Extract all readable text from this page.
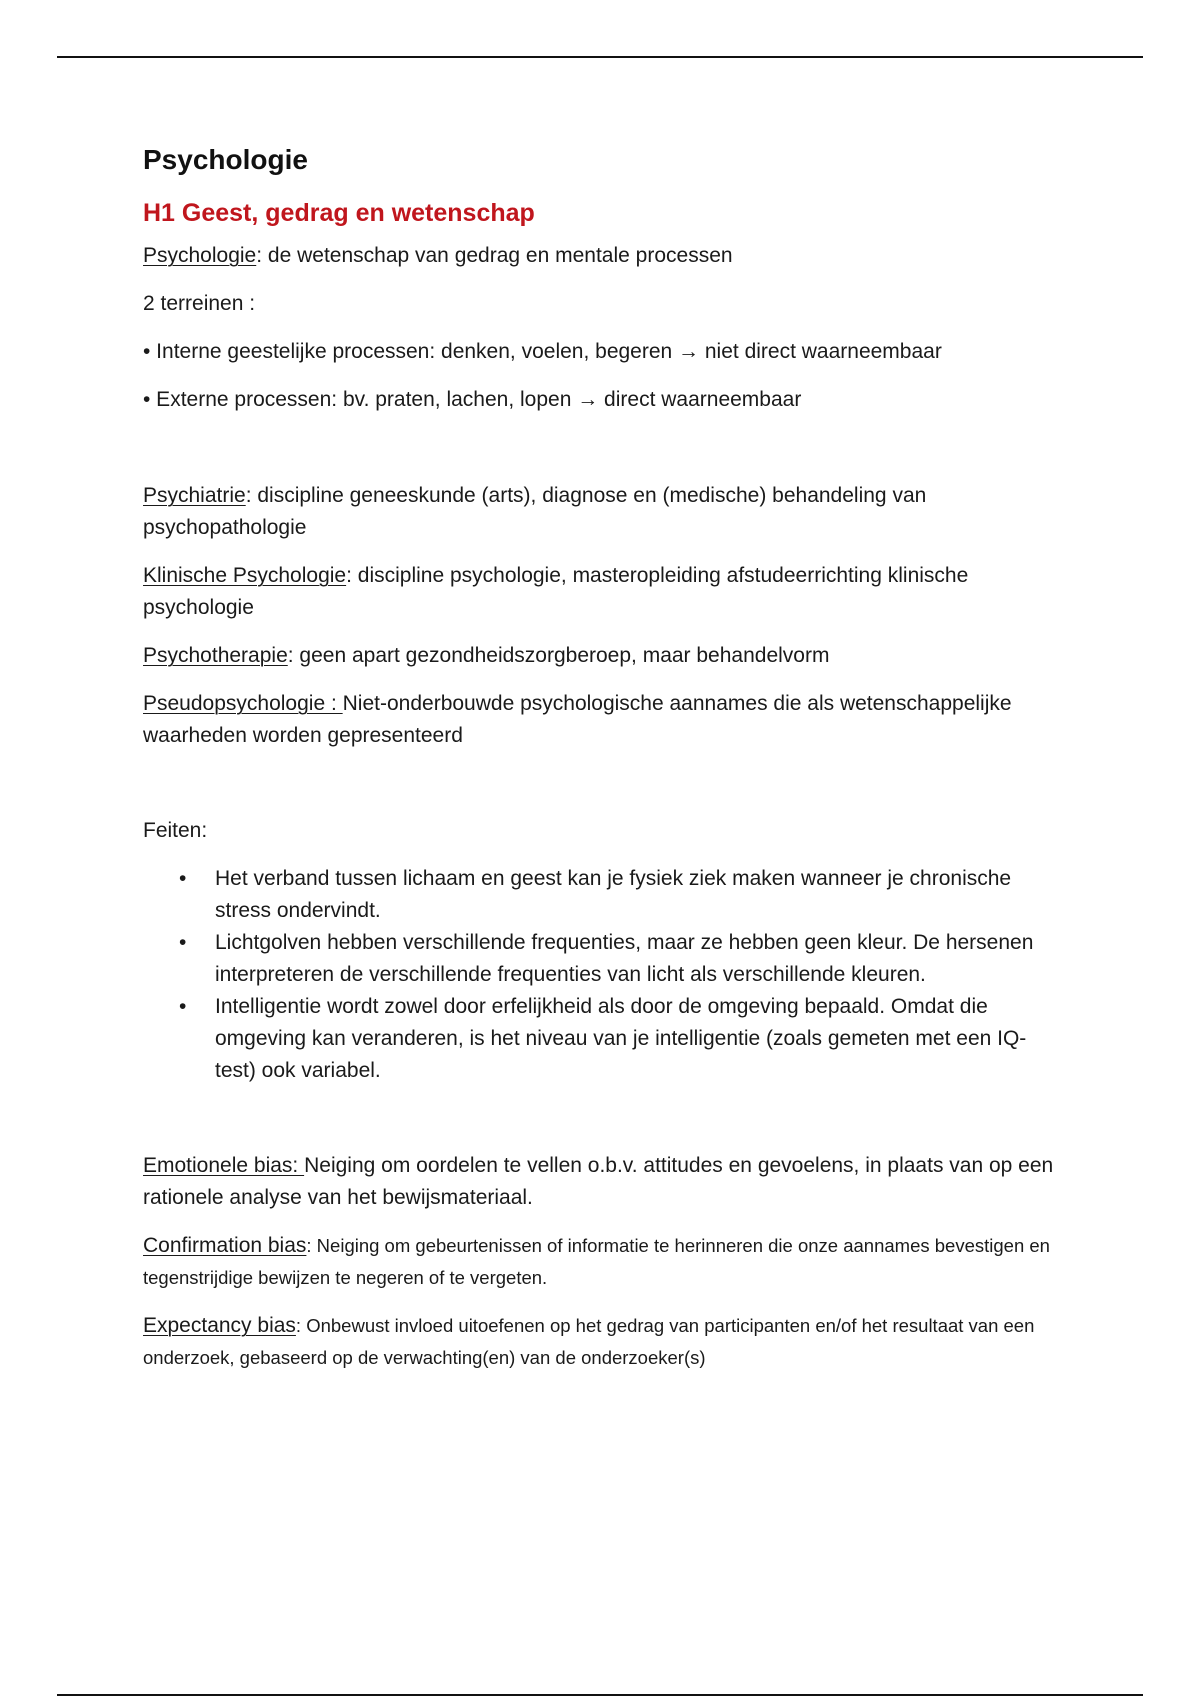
Psychologie
H1 Geest, gedrag en wetenschap

Psychologie: de wetenschap van gedrag en mentale processen

2 terreinen :

• Interne geestelijke processen: denken, voelen, begeren → niet direct waarneembaar

• Externe processen: bv. praten, lachen, lopen → direct waarneembaar

Psychiatrie: discipline geneeskunde (arts), diagnose en (medische) behandeling van psychopathologie

Klinische Psychologie: discipline psychologie, masteropleiding afstudeerrichting klinische psychologie

Psychotherapie: geen apart gezondheidszorgberoep, maar behandelvorm

Pseudopsychologie : Niet-onderbouwde psychologische aannames die als wetenschappelijke waarheden worden gepresenteerd

Feiten:

• Het verband tussen lichaam en geest kan je fysiek ziek maken wanneer je chronische stress ondervindt.
• Lichtgolven hebben verschillende frequenties, maar ze hebben geen kleur. De hersenen interpreteren de verschillende frequenties van licht als verschillende kleuren.
• Intelligentie wordt zowel door erfelijkheid als door de omgeving bepaald. Omdat die omgeving kan veranderen, is het niveau van je intelligentie (zoals gemeten met een IQ-test) ook variabel.

Emotionele bias: Neiging om oordelen te vellen o.b.v. attitudes en gevoelens, in plaats van op een rationele analyse van het bewijsmateriaal.

Confirmation bias: Neiging om gebeurtenissen of informatie te herinneren die onze aannames bevestigen en tegenstrijdige bewijzen te negeren of te vergeten.

Expectancy bias: Onbewust invloed uitoefenen op het gedrag van participanten en/of het resultaat van een onderzoek, gebaseerd op de verwachting(en) van de onderzoeker(s)
